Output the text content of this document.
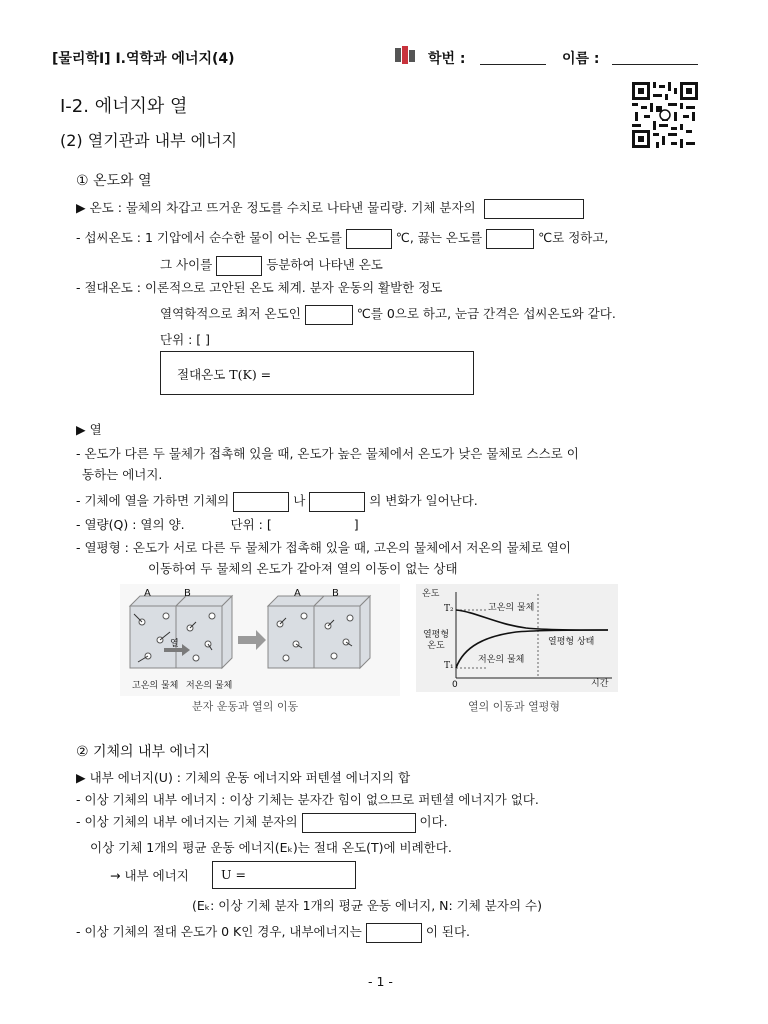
[물리학Ⅰ] Ⅰ.역학과 에너지(4)	학번 :	이름 :
Ⅰ-2. 에너지와 열
(2) 열기관과 내부 에너지
① 온도와 열
▶ 온도 : 물체의 차갑고 뜨거운 정도를 수치로 나타낸 물리량. 기체 분자의
- 섭씨온도 : 1 기압에서 순수한 물이 어는 온도를	℃, 끓는 온도를	℃로 정하고,
그 사이를	등분하여 나타낸 온도
- 절대온도 : 이론적으로 고안된 온도 체계. 분자 운동의 활발한 정도
열역학적으로 최저 온도인	℃를 0으로 하고, 눈금 간격은 섭씨온도와 같다.
단위 : [ ]
절대온도 T(K) =
▶ 열
- 온도가 다른 두 물체가 접촉해 있을 때, 온도가 높은 물체에서 온도가 낮은 물체로 스스로 이
동하는 에너지.
- 기체에 열을 가하면 기체의	나	의 변화가 일어난다.
- 열량(Q) : 열의 양.	단위 : [	]
- 열평형 : 온도가 서로 다른 두 물체가 접촉해 있을 때, 고온의 물체에서 저온의 물체로 열이
이동하여 두 물체의 온도가 같아져 열의 이동이 없는 상태
A	B	A	B
열
고온의 물체 저온의 물체
분자 운동과 열의 이동
온도
T₂
T₁
0	시간
고온의 물체
저온의 물체
열평형 온도	열평형 상태
열의 이동과 열평형
② 기체의 내부 에너지
▶ 내부 에너지(U) : 기체의 운동 에너지와 퍼텐셜 에너지의 합
- 이상 기체의 내부 에너지 : 이상 기체는 분자간 힘이 없으므로 퍼텐셜 에너지가 없다.
- 이상 기체의 내부 에너지는 기체 분자의	이다.
이상 기체 1개의 평균 운동 에너지(Eₖ)는 절대 온도(T)에 비례한다.
→ 내부 에너지	U =
(Eₖ: 이상 기체 분자 1개의 평균 운동 에너지, N: 기체 분자의 수)
- 이상 기체의 절대 온도가 0 K인 경우, 내부에너지는	이 된다.
- 1 -
